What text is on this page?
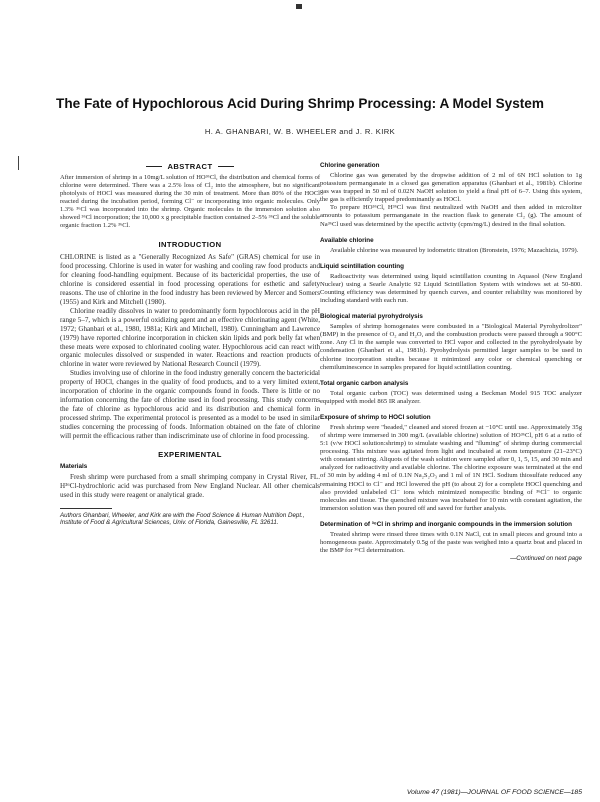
The Fate of Hypochlorous Acid During Shrimp Processing: A Model System
H. A. GHANBARI, W. B. WHEELER and J. R. KIRK
ABSTRACT

After immersion of shrimp in a 10mg/L solution of HO³⁶Cl, the distribution and chemical forms of chlorine were determined. There was a 2.5% loss of Cl₂ into the atmosphere, but no significant photolysis of HOCl was measured during the 30 min of treatment. More than 80% of the HOCl reacted during the incubation period, forming Cl⁻ or incorporating into organic molecules. Only 1.3% ³⁶Cl was incorporated into the shrimp. Organic molecules in the immersion solution also showed ³⁶Cl incorporation; the 10,000 x g precipitable fraction contained 2–5% ³⁶Cl and the soluble organic fraction 1.2% ³⁶Cl.

INTRODUCTION

CHLORINE is listed as a "Generally Recognized As Safe" (GRAS) chemical for use in food processing. Chlorine is used in water for washing and cooling raw food products and for cleaning food-handling equipment. Because of its bactericidal properties, the use of chlorine is considered essential in food processing operations for esthetic and safety reasons. The use of chlorine in the food industry has been reviewed by Mercer and Somers (1955) and Kirk and Mitchell (1980).

Chlorine readily dissolves in water to predominantly form hypochlorous acid in the pH range 5–7, which is a powerful oxidizing agent and an effective chlorinating agent (White, 1972; Ghanbari et al., 1980, 1981a; Kirk and Mitchell, 1980). Cunningham and Lawrence (1979) have reported chlorine incorporation in chicken skin lipids and pork belly fat when these meats were exposed to chlorinated cooling water. Hypochlorous acid can react with organic molecules dissolved or suspended in water. Reactions and reaction products of chlorine in water were reviewed by National Research Council (1979).

Studies involving use of chlorine in the food industry generally concern the bactericidal property of HOCl, changes in the quality of food products, and to a very limited extent, incorporation of chlorine in the organic compounds found in foods. There is little or no information concerning the fate of chlorine used in food processing. This study concerns the fate of chlorine as hypochlorous acid and its distribution and chemical form in processed shrimp. The experimental protocol is presented as a model to be used in similar studies concerning the processing of foods. Information obtained on the fate of chlorine will permit the efficacious rather than indiscriminate use of chlorine in food processing.

EXPERIMENTAL

Materials

Fresh shrimp were purchased from a small shrimping company in Crystal River, FL. H³⁶Cl-hydrochloric acid was purchased from New England Nuclear. All other chemicals used in this study were reagent or analytical grade.

Authors Ghanbari, Wheeler, and Kirk are with the Food Science & Human Nutrition Dept., Institute of Food & Agricultural Sciences, Univ. of Florida, Gainesville, FL 32611.

Chlorine generation

Chlorine gas was generated by the dropwise addition of 2 ml of 6N HCl solution to 1g potassium permanganate in a closed gas generation apparatus (Ghanbari et al., 1981b). Chlorine gas was trapped in 50 ml of 0.02N NaOH solution to yield a final pH of 6–7. Using this system, the gas is efficiently trapped predominantly as HOCl.

To prepare HO³⁶Cl, H³⁶Cl was first neutralized with NaOH and then added in microliter amounts to potassium permanganate in the reaction flask to generate Cl₂ (g). The amount of Na³⁶Cl used was determined by the specific activity (cpm/mg/L) desired in the final solution.

Available chlorine

Available chlorine was measured by iodometric titration (Bronstein, 1976; Mazachizia, 1979).

Liquid scintillation counting

Radioactivity was determined using liquid scintillation counting in Aquasol (New England Nuclear) using a Searle Analytic 92 Liquid Scintillation System with windows set at 50-800. Counting efficiency was determined by quench curves, and counter reliability was monitored by including standard with each run.

Biological material pyrohydrolysis

Samples of shrimp homogenates were combusted in a "Biological Material Pyrohydrolizer" (BMP) in the presence of O₂ and H₂O, and the combustion products were passed through a 900°C zone. Any Cl in the sample was converted to HCl vapor and collected in the pyrohydrolysate by condensation (Ghanbari et al., 1981b). Pyrohydrolysis permitted larger samples to be used in chlorine incorporation studies because it minimized any color or chemical quenching or chemiluminescence in samples prepared for liquid scintillation counting.

Total organic carbon analysis

Total organic carbon (TOC) was determined using a Beckman Model 915 TOC analyzer equipped with model 865 IR analyzer.

Exposure of shrimp to HOCl solution

Fresh shrimp were "headed," cleaned and stored frozen at −10°C until use. Approximately 35g of shrimp were immersed in 300 mg/L (available chlorine) solution of HO³⁶Cl, pH 6 at a ratio of 5:1 (v/w HOCl solution:shrimp) to simulate washing and "fluming" of shrimp during commercial processing. This mixture was agitated from light and incubated at room temperature (21–23°C) with constant stirring. Aliquots of the wash solution were sampled after 0, 1, 5, 15, and 30 min and analyzed for radioactivity and available chlorine. The chlorine exposure was terminated at the end of 30 min by adding 4 ml of 0.1N Na₂S₂O₃ and 1 ml of 1N HCl. Sodium thiosulfate reduced any remaining HOCl to Cl⁻ and HCl lowered the pH (to about 2) for a complete HOCl quenching and also provided unlabeled Cl⁻ ions which minimized nonspecific binding of ³⁶Cl⁻ to organic molecules and tissue. The quenched mixture was incubated for 10 min with constant agitation, the immersion solution was then poured off and saved for further analysis.

Determination of ³⁶Cl in shrimp and inorganic compounds in the immersion solution

Treated shrimp were rinsed three times with 0.1N NaCl, cut in small pieces and ground into a homogeneous paste. Approximately 0.5g of the paste was weighed into a quartz boat and placed in the BMP for ³⁶Cl determination.

—Continued on next page

Volume 47 (1981)—JOURNAL OF FOOD SCIENCE—185
